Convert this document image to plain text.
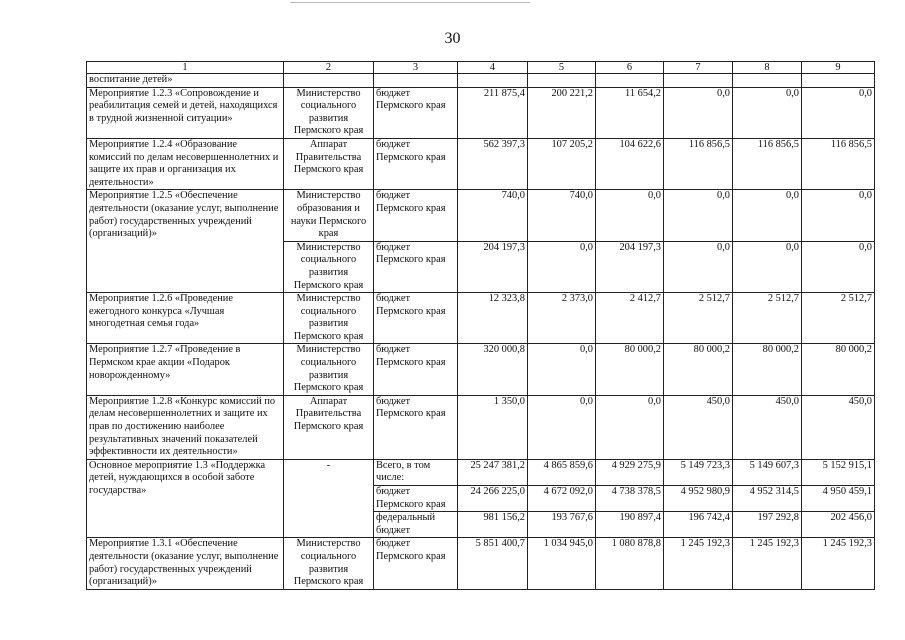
30
1	2	3	4	5	6	7	8	9
воспитание детей»								
Мероприятие 1.2.3 «Сопровождение и реабилитация семей и детей, находящихся в трудной жизненной ситуации»	Министерство социального развития Пермского края	бюджет Пермского края	211 875,4	200 221,2	11 654,2	0,0	0,0	0,0
Мероприятие 1.2.4 «Образование комиссий по делам несовершеннолетних и защите их прав и организация их деятельности»	Аппарат Правительства Пермского края	бюджет Пермского края	562 397,3	107 205,2	104 622,6	116 856,5	116 856,5	116 856,5
Мероприятие 1.2.5 «Обеспечение деятельности (оказание услуг, выполнение работ) государственных учреждений (организаций)»	Министерство образования и науки Пермского края	бюджет Пермского края	740,0	740,0	0,0	0,0	0,0	0,0
	Министерство социального развития Пермского края	бюджет Пермского края	204 197,3	0,0	204 197,3	0,0	0,0	0,0
Мероприятие 1.2.6 «Проведение ежегодного конкурса «Лучшая многодетная семья года»	Министерство социального развития Пермского края	бюджет Пермского края	12 323,8	2 373,0	2 412,7	2 512,7	2 512,7	2 512,7
Мероприятие 1.2.7 «Проведение в Пермском крае акции «Подарок новорожденному»	Министерство социального развития Пермского края	бюджет Пермского края	320 000,8	0,0	80 000,2	80 000,2	80 000,2	80 000,2
Мероприятие 1.2.8 «Конкурс комиссий по делам несовершеннолетних и защите их прав по достижению наиболее результативных значений показателей эффективности их деятельности»	Аппарат Правительства Пермского края	бюджет Пермского края	1 350,0	0,0	0,0	450,0	450,0	450,0
Основное мероприятие 1.3 «Поддержка детей, нуждающихся в особой заботе государства»	-	Всего, в том числе:	25 247 381,2	4 865 859,6	4 929 275,9	5 149 723,3	5 149 607,3	5 152 915,1
		бюджет Пермского края	24 266 225,0	4 672 092,0	4 738 378,5	4 952 980,9	4 952 314,5	4 950 459,1
		федеральный бюджет	981 156,2	193 767,6	190 897,4	196 742,4	197 292,8	202 456,0
Мероприятие 1.3.1 «Обеспечение деятельности (оказание услуг, выполнение работ) государственных учреждений (организаций)»	Министерство социального развития Пермского края	бюджет Пермского края	5 851 400,7	1 034 945,0	1 080 878,8	1 245 192,3	1 245 192,3	1 245 192,3
